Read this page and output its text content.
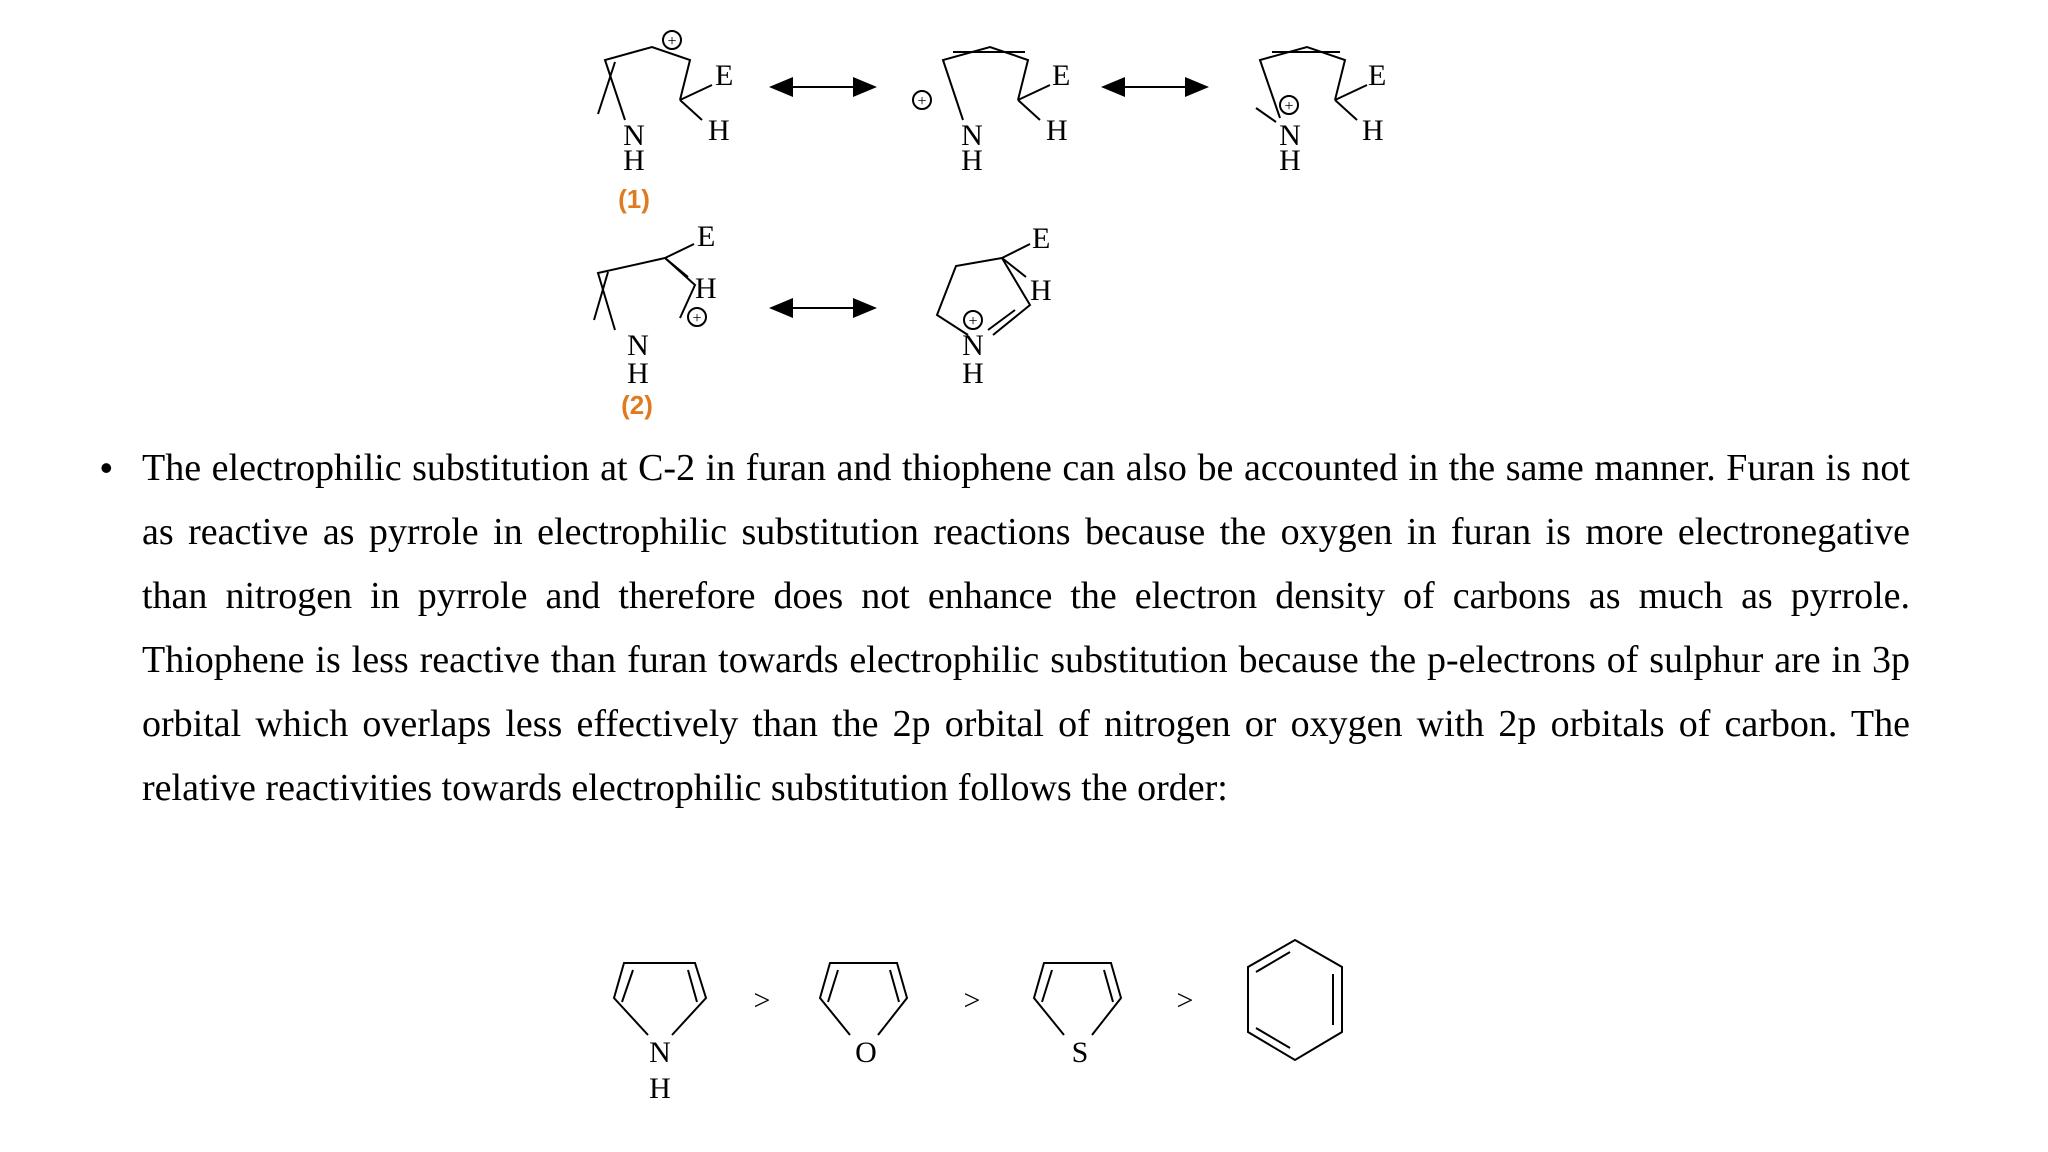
+
E
H
N
H
(1)
+
E
H
N
H
+
E
H
N
H
+
E
H
N
H
(2)
+
E
H
N
H
N
H
>
O
>
S
>
• The electrophilic substitution at C-2 in furan and thiophene can also be accounted in the same manner. Furan is not as reactive as pyrrole in electrophilic substitution reactions because the oxygen in furan is more electronegative than nitrogen in pyrrole and therefore does not enhance the electron density of carbons as much as pyrrole. Thiophene is less reactive than furan towards electrophilic substitution because the p-electrons of sulphur are in 3p orbital which overlaps less effectively than the 2p orbital of nitrogen or oxygen with 2p orbitals of carbon. The relative reactivities towards electrophilic substitution follows the order:
